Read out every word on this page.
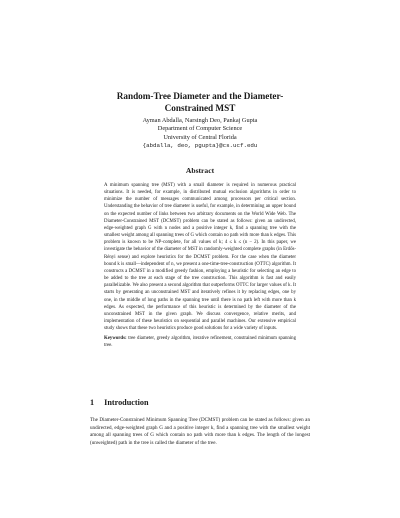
Random-Tree Diameter and the Diameter-
Constrained MST
Ayman Abdalla, Narsingh Deo, Pankaj Gupta
Department of Computer Science
University of Central Florida
{abdalla, deo, pgupta}@cs.ucf.edu
Abstract
A minimum spanning tree (MST) with a small diameter is required in numerous practical situations. It is needed, for example, in distributed mutual exclusion algorithms in order to minimize the number of messages communicated among processors per critical section. Understanding the behavior of tree diameter is useful, for example, in determining an upper bound on the expected number of links between two arbitrary documents on the World Wide Web. The Diameter-Constrained MST (DCMST) problem can be stated as follows: given an undirected, edge-weighted graph G with n nodes and a positive integer k, find a spanning tree with the smallest weight among all spanning trees of G which contain no path with more than k edges. This problem is known to be NP-complete, for all values of k; 4 ≤ k ≤ (n − 2). In this paper, we investigate the behavior of the diameter of MST in randomly-weighted complete graphs (in Erdős-Rényi sense) and explore heuristics for the DCMST problem. For the case when the diameter bound k is small—independent of n, we present a one-time-tree-construction (OTTC) algorithm. It constructs a DCMST in a modified greedy fashion, employing a heuristic for selecting an edge to be added to the tree at each stage of the tree construction. This algorithm is fast and easily parallelizable. We also present a second algorithm that outperforms OTTC for larger values of k. It starts by generating an unconstrained MST and iteratively refines it by replacing edges, one by one, in the middle of long paths in the spanning tree until there is no path left with more than k edges. As expected, the performance of this heuristic is determined by the diameter of the unconstrained MST in the given graph. We discuss convergence, relative merits, and implementation of these heuristics on sequential and parallel machines. Our extensive empirical study shows that these two heuristics produce good solutions for a wide variety of inputs.
Keywords: tree diameter, greedy algorithm, iterative refinement, constrained minimum spanning tree.
1 Introduction
The Diameter-Constrained Minimum Spanning Tree (DCMST) problem can be stated as follows: given an undirected, edge-weighted graph G and a positive integer k, find a spanning tree with the smallest weight among all spanning trees of G which contain no path with more than k edges. The length of the longest (unweighted) path in the tree is called the diameter of the tree.
